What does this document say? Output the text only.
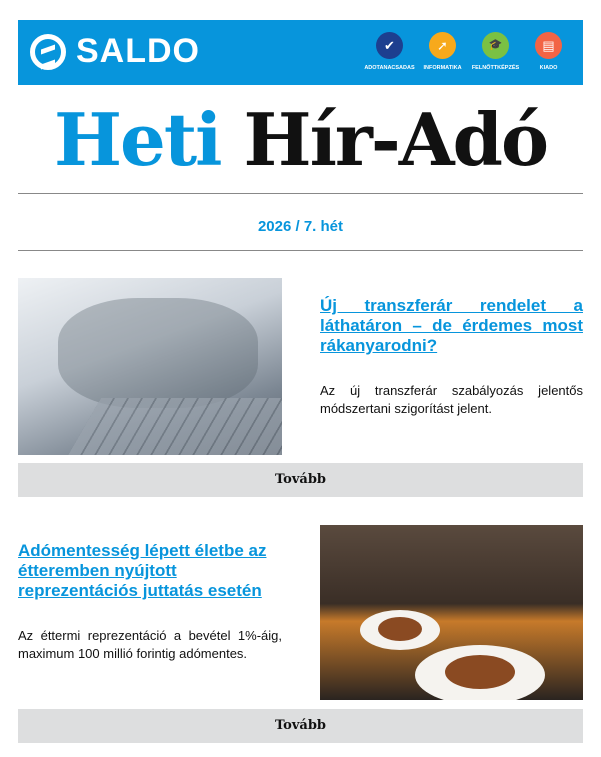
SALDO	✔
ADOTANACSADAS
➚
INFORMATIKA
🎓
FELNŐTTKÉPZÉS
▤
KIADO
Heti Hír-Adó
2026 / 7. hét
Új transzferár rendelet a láthatáron – de érdemes most rákanyarodni?
Az új transzferár szabályozás jelentős módszertani szigorítást jelent.
Tovább
Adómentesség lépett életbe az étteremben nyújtott reprezentációs juttatás esetén
Az éttermi reprezentáció a bevétel 1%-áig, maximum 100 millió forintig adómentes.
Tovább
